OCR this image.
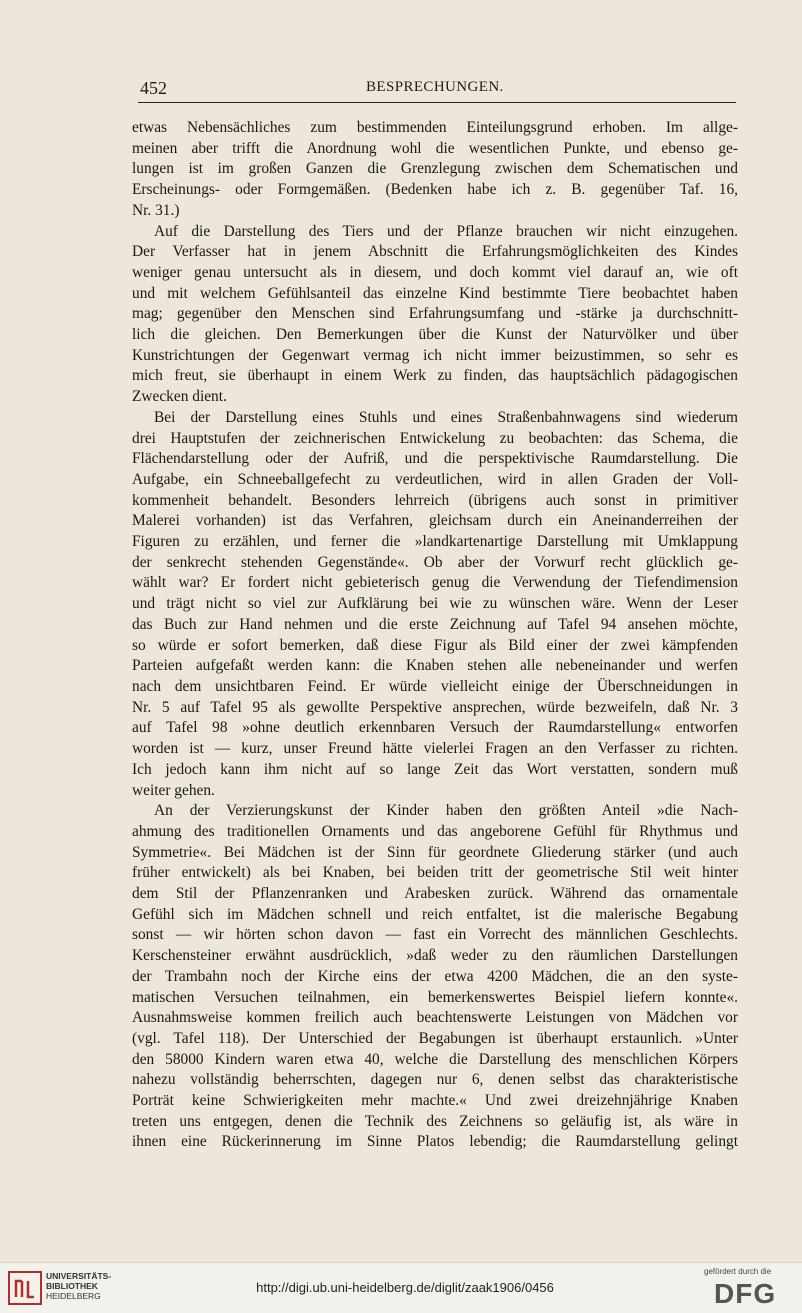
452	BESPRECHUNGEN.
etwas Nebensächliches zum bestimmenden Einteilungsgrund erhoben. Im allge-
meinen aber trifft die Anordnung wohl die wesentlichen Punkte, und ebenso ge-
lungen ist im großen Ganzen die Grenzlegung zwischen dem Schematischen und
Erscheinungs- oder Formgemäßen. (Bedenken habe ich z. B. gegenüber Taf. 16,
Nr. 31.)
Auf die Darstellung des Tiers und der Pflanze brauchen wir nicht einzugehen.
Der Verfasser hat in jenem Abschnitt die Erfahrungsmöglichkeiten des Kindes
weniger genau untersucht als in diesem, und doch kommt viel darauf an, wie oft
und mit welchem Gefühlsanteil das einzelne Kind bestimmte Tiere beobachtet haben
mag; gegenüber den Menschen sind Erfahrungsumfang und -stärke ja durchschnitt-
lich die gleichen. Den Bemerkungen über die Kunst der Naturvölker und über
Kunstrichtungen der Gegenwart vermag ich nicht immer beizustimmen, so sehr es
mich freut, sie überhaupt in einem Werk zu finden, das hauptsächlich pädagogischen
Zwecken dient.
Bei der Darstellung eines Stuhls und eines Straßenbahnwagens sind wiederum
drei Hauptstufen der zeichnerischen Entwickelung zu beobachten: das Schema, die
Flächendarstellung oder der Aufriß, und die perspektivische Raumdarstellung. Die
Aufgabe, ein Schneeballgefecht zu verdeutlichen, wird in allen Graden der Voll-
kommenheit behandelt. Besonders lehrreich (übrigens auch sonst in primitiver
Malerei vorhanden) ist das Verfahren, gleichsam durch ein Aneinanderreihen der
Figuren zu erzählen, und ferner die »landkartenartige Darstellung mit Umklappung
der senkrecht stehenden Gegenstände«. Ob aber der Vorwurf recht glücklich ge-
wählt war? Er fordert nicht gebieterisch genug die Verwendung der Tiefendimension
und trägt nicht so viel zur Aufklärung bei wie zu wünschen wäre. Wenn der Leser
das Buch zur Hand nehmen und die erste Zeichnung auf Tafel 94 ansehen möchte,
so würde er sofort bemerken, daß diese Figur als Bild einer der zwei kämpfenden
Parteien aufgefaßt werden kann: die Knaben stehen alle nebeneinander und werfen
nach dem unsichtbaren Feind. Er würde vielleicht einige der Überschneidungen in
Nr. 5 auf Tafel 95 als gewollte Perspektive ansprechen, würde bezweifeln, daß Nr. 3
auf Tafel 98 »ohne deutlich erkennbaren Versuch der Raumdarstellung« entworfen
worden ist — kurz, unser Freund hätte vielerlei Fragen an den Verfasser zu richten.
Ich jedoch kann ihm nicht auf so lange Zeit das Wort verstatten, sondern muß
weiter gehen.
An der Verzierungskunst der Kinder haben den größten Anteil »die Nach-
ahmung des traditionellen Ornaments und das angeborene Gefühl für Rhythmus und
Symmetrie«. Bei Mädchen ist der Sinn für geordnete Gliederung stärker (und auch
früher entwickelt) als bei Knaben, bei beiden tritt der geometrische Stil weit hinter
dem Stil der Pflanzenranken und Arabesken zurück. Während das ornamentale
Gefühl sich im Mädchen schnell und reich entfaltet, ist die malerische Begabung
sonst — wir hörten schon davon — fast ein Vorrecht des männlichen Geschlechts.
Kerschensteiner erwähnt ausdrücklich, »daß weder zu den räumlichen Darstellungen
der Trambahn noch der Kirche eins der etwa 4200 Mädchen, die an den syste-
matischen Versuchen teilnahmen, ein bemerkenswertes Beispiel liefern konnte«.
Ausnahmsweise kommen freilich auch beachtenswerte Leistungen von Mädchen vor
(vgl. Tafel 118). Der Unterschied der Begabungen ist überhaupt erstaunlich. »Unter
den 58000 Kindern waren etwa 40, welche die Darstellung des menschlichen Körpers
nahezu vollständig beherrschten, dagegen nur 6, denen selbst das charakteristische
Porträt keine Schwierigkeiten mehr machte.« Und zwei dreizehnjährige Knaben
treten uns entgegen, denen die Technik des Zeichnens so geläufig ist, als wäre in
ihnen eine Rückerinnerung im Sinne Platos lebendig; die Raumdarstellung gelingt
UNIVERSITÄTS-
BIBLIOTHEK
HEIDELBERG
http://digi.ub.uni-heidelberg.de/diglit/zaak1906/0456
gefördert durch die
DFG
